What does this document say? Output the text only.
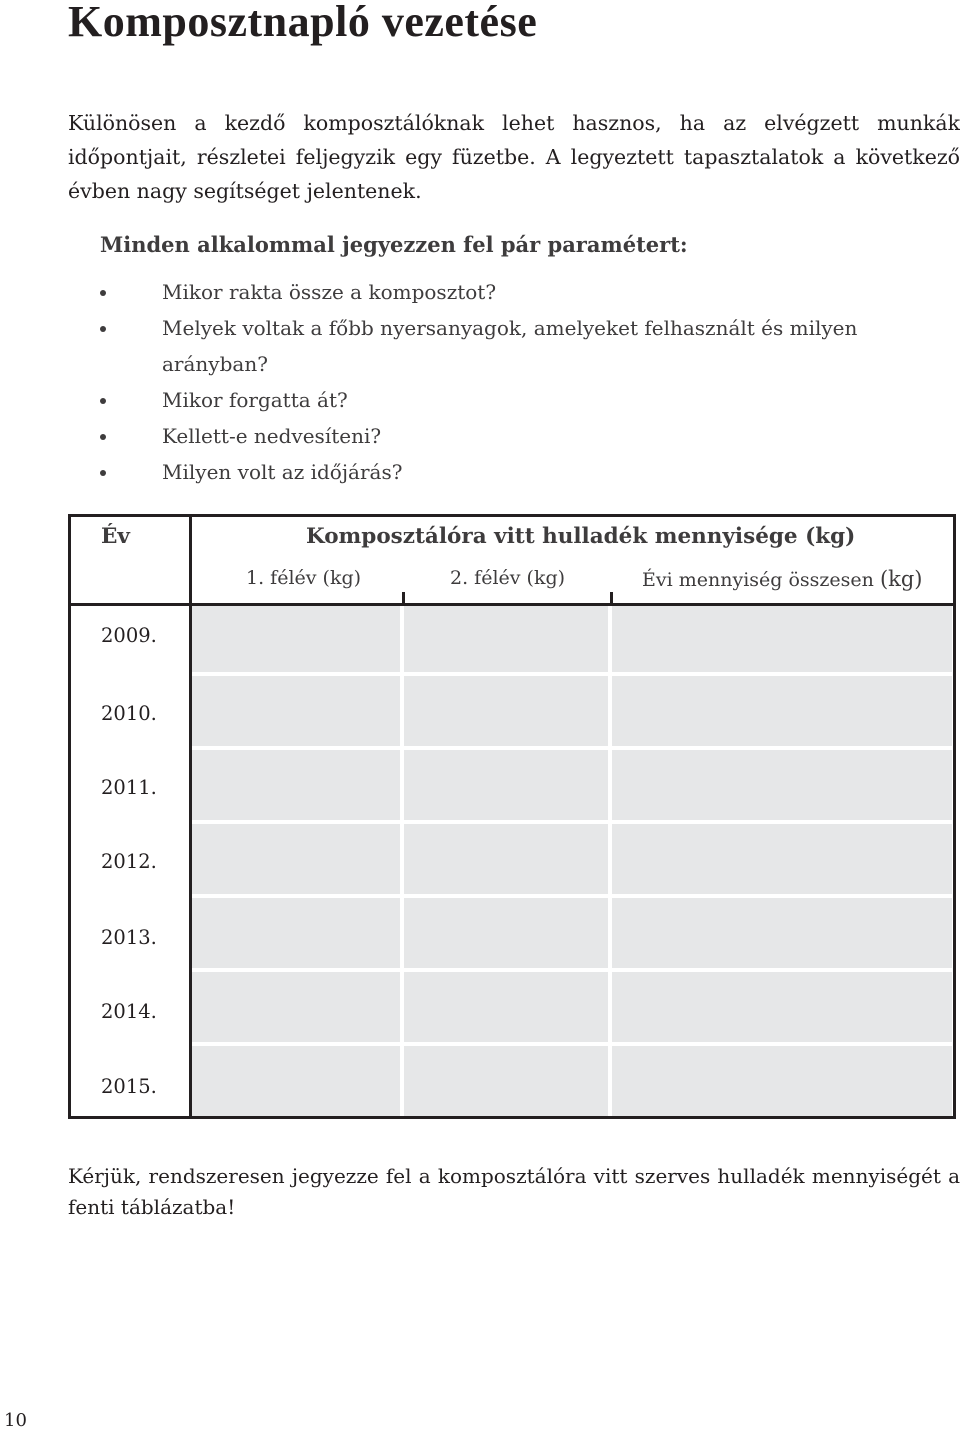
Komposztnapló vezetése

Különösen a kezdő komposztálóknak lehet hasznos, ha az elvégzett munkák időpontjait, részletei feljegyzik egy füzetbe. A legyeztett tapasztalatok a következő évben nagy segítséget jelentenek.

Minden alkalommal jegyezzen fel pár paramétert:

Mikor rakta össze a komposztot?
Melyek voltak a főbb nyersanyagok, amelyeket felhasznált és milyen arányban?
Mikor forgatta át?
Kellett-e nedvesíteni?
Milyen volt az időjárás?
Év	Komposztálóra vitt hulladék mennyisége (kg)
1. félév (kg)	2. félév (kg)	Évi mennyiség összesen (kg)
2009.
2010.
2011.
2012.
2013.
2014.
2015.

Kérjük, rendszeresen jegyezze fel a komposztálóra vitt szerves hulladék mennyiségét a fenti táblázatba!

10
